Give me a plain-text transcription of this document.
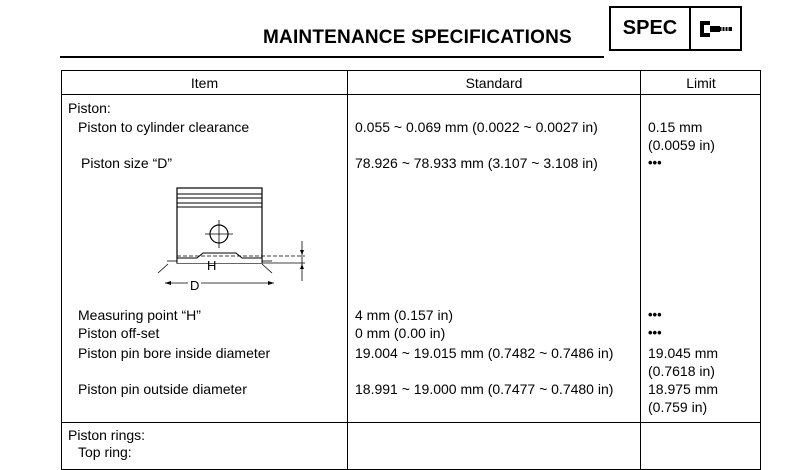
MAINTENANCE SPECIFICATIONS	SPEC
Item	Standard	Limit
Piston:
Piston to cylinder clearance	0.055 ~ 0.069 mm (0.0022 ~ 0.0027 in)	0.15 mm
(0.0059 in)
Piston size “D”	78.926 ~ 78.933 mm (3.107 ~ 3.108 in)	•••
H
D
Measuring point “H”	4 mm (0.157 in)	•••
Piston off-set	0 mm (0.00 in)	•••
Piston pin bore inside diameter	19.004 ~ 19.015 mm (0.7482 ~ 0.7486 in) 19.045 mm
(0.7618 in)
Piston pin outside diameter	18.991 ~ 19.000 mm (0.7477 ~ 0.7480 in) 18.975 mm
(0.759 in)
Piston rings:
Top ring:
